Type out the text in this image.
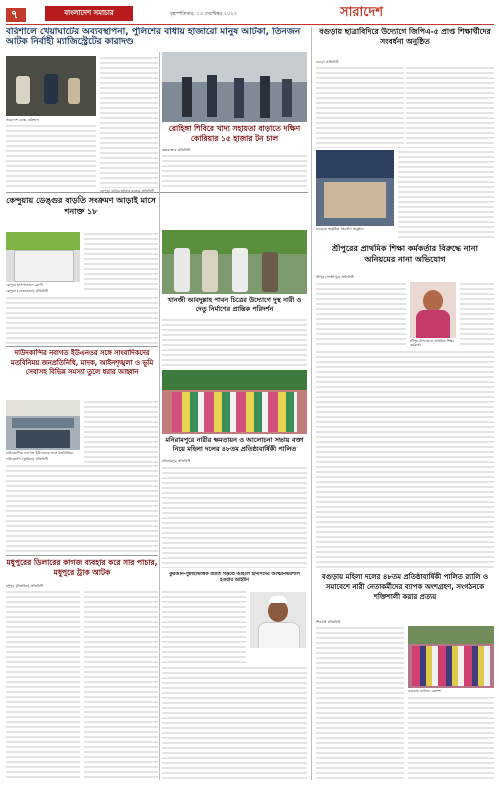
৭	বাংলাদেশ সমাচার	বৃহস্পতিবার, ১৩ সেপ্টেম্বর ২০২৩	সারাদেশ
বরিশালে খেয়াঘাটের অব্যবস্থাপনা, পুলিশের বাধায় হাজারো মানুষ আটকা, তিনজন আটক নির্বাহী ম্যাজিস্ট্রেটের কারাদণ্ড
সারাদেশ ডেস্ক, বরিশাল
রোহিঙ্গা শিবিরে খাদ্য সহায়তা বাড়াতে দক্ষিণ কোরিয়ার ১৫ হাজার টন চাল
কক্সবাজার প্রতিনিধি
বগুড়ায় ছাত্রাবিদিরে উদ্যোগে জিপিএ-৫ প্রাপ্ত শিক্ষার্থীদের সংবর্ধনা অনুষ্ঠিত
বগুড়া প্রতিনিধি
বগুড়ায় অনুষ্ঠিত সংবর্ধনা অনুষ্ঠান
কেন্দুয়ায় ডেঙ্গুর বাড়তি সংক্রমণ আড়াই মাসে শনাক্ত ১৮
কেন্দুয়া হাসপাতালে রোগী
কেন্দুয়া (নেত্রকোনা) প্রতিনিধি
খানজী আবদুল্লাহ পাবন চিত্রের উদ্যোগে দুস্থ নারী ও দেতু নির্মাণের প্রান্তিক পরিদর্শন
শ্রীপুরের প্রাথমিক শিক্ষা কর্মকর্তার বিরুদ্ধে নানা অনিয়মের নানা অভিযোগ
শ্রীপুর (গাজীপুর) প্রতিনিধি
শ্রীপুর উপজেলা প্রাথমিক শিক্ষা কর্মকর্তা
দাউদকান্দির নবাগত ইউএনওর সঙ্গে সাংবাদিকদের মতবিনিময় জনপ্রতিনিধি, মাদক, আইনশৃঙ্খলা ও ভূমি সেবাসহ বিভিন্ন সমস্যা তুলে ধরার আহ্বান
দাউদকান্দির নবাগত ইউএনওর সঙ্গে মতবিনিময়
দাউদকান্দি (কুমিল্লা) প্রতিনিধি
মনিরামপুরে নারীর ক্ষমতায়ন ও আলোচনা সভায় বক্তা নিয়ে মহিলা দলের ৪৮তম প্রতিষ্ঠাবার্ষিকী পালিত
মনিরামপুর প্রতিনিধি
মধুপুরের ডিলারের কাগজ ব্যবহার করে সার পাচার, মধুপুরে ট্রাক আটক
মধুপুর (টাঙ্গাইল) প্রতিনিধি
কুরআন-সুন্নাহভিত্তিক জাতি গড়তে আহলে হাদীসদের আত্মনির্ভরশীল হওয়ার আহ্বান	বগুড়ায় মহিলা দলের ৪৮তম প্রতিষ্ঠাবার্ষিকী পালিত র‍্যালি ও সমাবেশে নারী নেতাকর্মীদের ব্যাপক অংশগ্রহণ, সংগঠনকে শক্তিশালী করার প্রত্যয়
শিবগঞ্জ প্রতিনিধি
বগুড়ায় র‍্যালির একাংশ
কেন্দুয়া বাড়ির ঘটনায় মাত্রায় প্রতিনিধি
